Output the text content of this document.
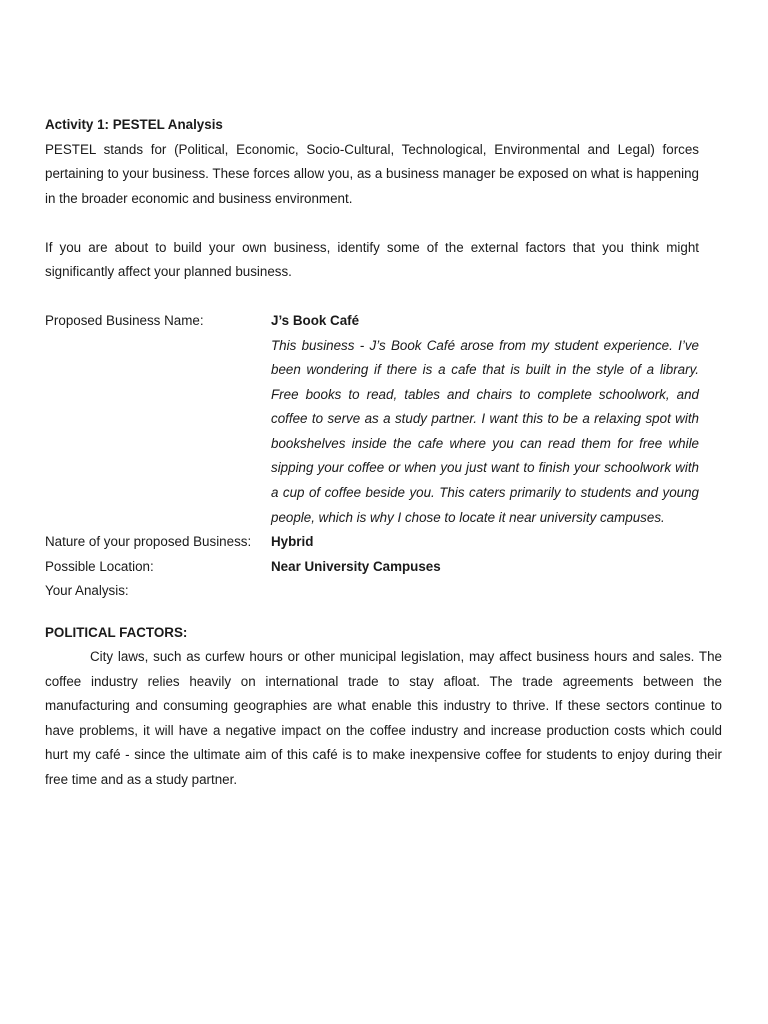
Activity 1: PESTEL Analysis

PESTEL stands for (Political, Economic, Socio-Cultural, Technological, Environmental and Legal) forces pertaining to your business. These forces allow you, as a business manager be exposed on what is happening in the broader economic and business environment.

If you are about to build your own business, identify some of the external factors that you think might significantly affect your planned business.

Proposed Business Name:	J’s Book Café
This business - J’s Book Café arose from my student experience. I’ve been wondering if there is a cafe that is built in the style of a library. Free books to read, tables and chairs to complete schoolwork, and coffee to serve as a study partner. I want this to be a relaxing spot with bookshelves inside the cafe where you can read them for free while sipping your coffee or when you just want to finish your schoolwork with a cup of coffee beside you. This caters primarily to students and young people, which is why I chose to locate it near university campuses.
Nature of your proposed Business:	Hybrid
Possible Location:	Near University Campuses
Your Analysis:
POLITICAL FACTORS:

City laws, such as curfew hours or other municipal legislation, may affect business hours and sales. The coffee industry relies heavily on international trade to stay afloat. The trade agreements between the manufacturing and consuming geographies are what enable this industry to thrive. If these sectors continue to have problems, it will have a negative impact on the coffee industry and increase production costs which could hurt my café - since the ultimate aim of this café is to make inexpensive coffee for students to enjoy during their free time and as a study partner.
